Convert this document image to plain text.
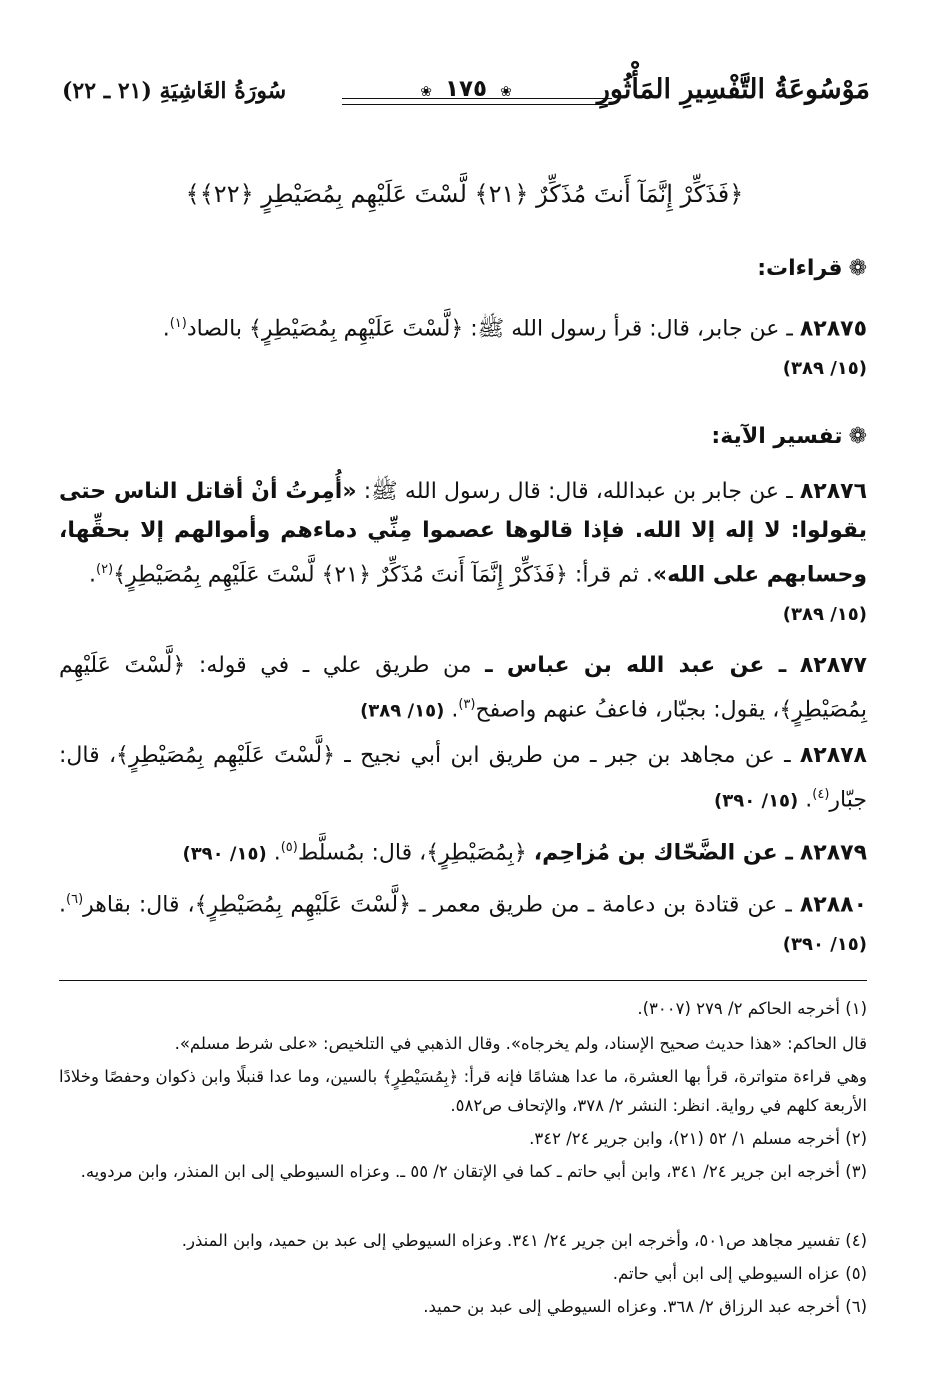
مَوْسُوعَةُ التَّفْسِيرِ المَأْثُورِ
❀ ١٧٥ ❀
سُورَةُ الغَاشِيَةِ (٢١ ـ ٢٢)
﴿فَذَكِّرْ إِنَّمَآ أَنتَ مُذَكِّرٌ ﴿٢١﴾ لَّسْتَ عَلَيْهِم بِمُصَيْطِرٍ ﴿٢٢﴾﴾
❁قراءات:
٨٢٨٧٥ ـ عن جابر، قال: قرأ رسول الله ﷺ: ﴿لَّسْتَ عَلَيْهِم بِمُصَيْطِرٍ﴾ بالصاد$^{(١)}$.
(١٥/ ٣٨٩)
❁تفسير الآية:
٨٢٨٧٦ ـ عن جابر بن عبدالله، قال: قال رسول الله ﷺ: «أُمِرتُ أنْ أقاتل الناس حتى يقولوا: لا إله إلا الله. فإذا قالوها عصموا مِنِّي دماءهم وأموالهم إلا بحقِّها، وحسابهم على الله». ثم قرأ: ﴿فَذَكِّرْ إِنَّمَآ أَنتَ مُذَكِّرٌ ﴿٢١﴾ لَّسْتَ عَلَيْهِم بِمُصَيْطِرٍ﴾$^{(٢)}$.
(١٥/ ٣٨٩)
٨٢٨٧٧ ـ عن عبد الله بن عباس ـ من طريق علي ـ في قوله: ﴿لَّسْتَ عَلَيْهِم بِمُصَيْطِرٍ﴾، يقول: بجبّار، فاعفُ عنهم واصفح$^{(٣)}$. (١٥/ ٣٨٩)
٨٢٨٧٨ ـ عن مجاهد بن جبر ـ من طريق ابن أبي نجيح ـ ﴿لَّسْتَ عَلَيْهِم بِمُصَيْطِرٍ﴾، قال: جبّار$^{(٤)}$. (١٥/ ٣٩٠)
٨٢٨٧٩ ـ عن الضَّحّاك بن مُزاحِم، ﴿بِمُصَيْطِرٍ﴾، قال: بمُسلَّط$^{(٥)}$. (١٥/ ٣٩٠)
٨٢٨٨٠ ـ عن قتادة بن دعامة ـ من طريق معمر ـ ﴿لَّسْتَ عَلَيْهِم بِمُصَيْطِرٍ﴾، قال: بقاهر$^{(٦)}$. (١٥/ ٣٩٠)
(١) أخرجه الحاكم ٢/ ٢٧٩ (٣٠٠٧).
قال الحاكم: «هذا حديث صحيح الإسناد، ولم يخرجاه». وقال الذهبي في التلخيص: «على شرط مسلم».
وهي قراءة متواترة، قرأ بها العشرة، ما عدا هشامًا فإنه قرأ: ﴿بِمُسَيْطِرٍ﴾ بالسين، وما عدا قنبلًا وابن ذكوان وحفصًا وخلادًا الأربعة كلهم في رواية. انظر: النشر ٢/ ٣٧٨، والإتحاف ص٥٨٢.
(٢) أخرجه مسلم ١/ ٥٢ (٢١)، وابن جرير ٢٤/ ٣٤٢.
(٣) أخرجه ابن جرير ٢٤/ ٣٤١، وابن أبي حاتم ـ كما في الإتقان ٢/ ٥٥ ـ. وعزاه السيوطي إلى ابن المنذر، وابن مردويه.
(٤) تفسير مجاهد ص٥٠١، وأخرجه ابن جرير ٢٤/ ٣٤١. وعزاه السيوطي إلى عبد بن حميد، وابن المنذر.
(٥) عزاه السيوطي إلى ابن أبي حاتم.
(٦) أخرجه عبد الرزاق ٢/ ٣٦٨. وعزاه السيوطي إلى عبد بن حميد.
